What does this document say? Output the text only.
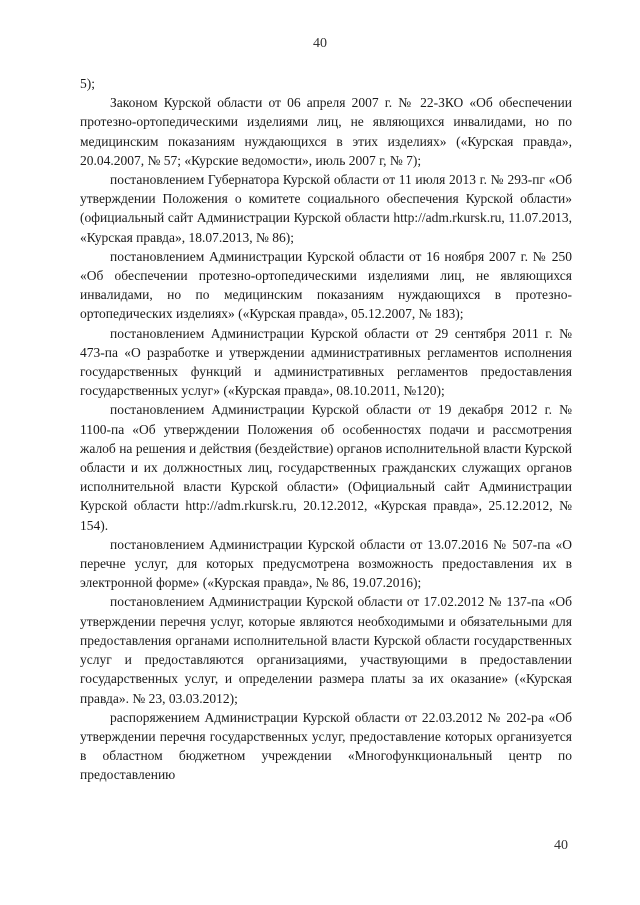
40

5);

Законом Курской области от 06 апреля 2007 г. № 22-ЗКО «Об обеспечении протезно-ортопедическими изделиями лиц, не являющихся инвалидами, но по медицинским показаниям нуждающихся в этих изделиях» («Курская правда», 20.04.2007, № 57; «Курские ведомости», июль 2007 г, № 7);

постановлением Губернатора Курской области от 11 июля 2013 г. № 293-пг «Об утверждении Положения о комитете социального обеспечения Курской области» (официальный сайт Администрации Курской области http://adm.rkursk.ru, 11.07.2013, «Курская правда», 18.07.2013, № 86);

постановлением Администрации Курской области от 16 ноября 2007 г. № 250 «Об обеспечении протезно-ортопедическими изделиями лиц, не являющихся инвалидами, но по медицинским показаниям нуждающихся в протезно-ортопедических изделиях» («Курская правда», 05.12.2007, № 183);

постановлением Администрации Курской области от 29 сентября 2011 г. № 473-па «О разработке и утверждении административных регламентов исполнения государственных функций и административных регламентов предоставления государственных услуг» («Курская правда», 08.10.2011, №120);

постановлением Администрации Курской области от 19 декабря 2012 г. № 1100-па «Об утверждении Положения об особенностях подачи и рассмотрения жалоб на решения и действия (бездействие) органов исполнительной власти Курской области и их должностных лиц, государственных гражданских служащих органов исполнительной власти Курской области» (Официальный сайт Администрации Курской области http://adm.rkursk.ru, 20.12.2012, «Курская правда», 25.12.2012, № 154).

постановлением Администрации Курской области от 13.07.2016 № 507-па «О перечне услуг, для которых предусмотрена возможность предоставления их в электронной форме» («Курская правда», № 86, 19.07.2016);

постановлением Администрации Курской области от 17.02.2012 № 137-па «Об утверждении перечня услуг, которые являются необходимыми и обязательными для предоставления органами исполнительной власти Курской области государственных услуг и предоставляются организациями, участвующими в предоставлении государственных услуг, и определении размера платы за их оказание» («Курская правда». № 23, 03.03.2012);

распоряжением Администрации Курской области от 22.03.2012 № 202-ра «Об утверждении перечня государственных услуг, предоставление которых организуется в областном бюджетном учреждении «Многофункциональный центр по предоставлению

40
